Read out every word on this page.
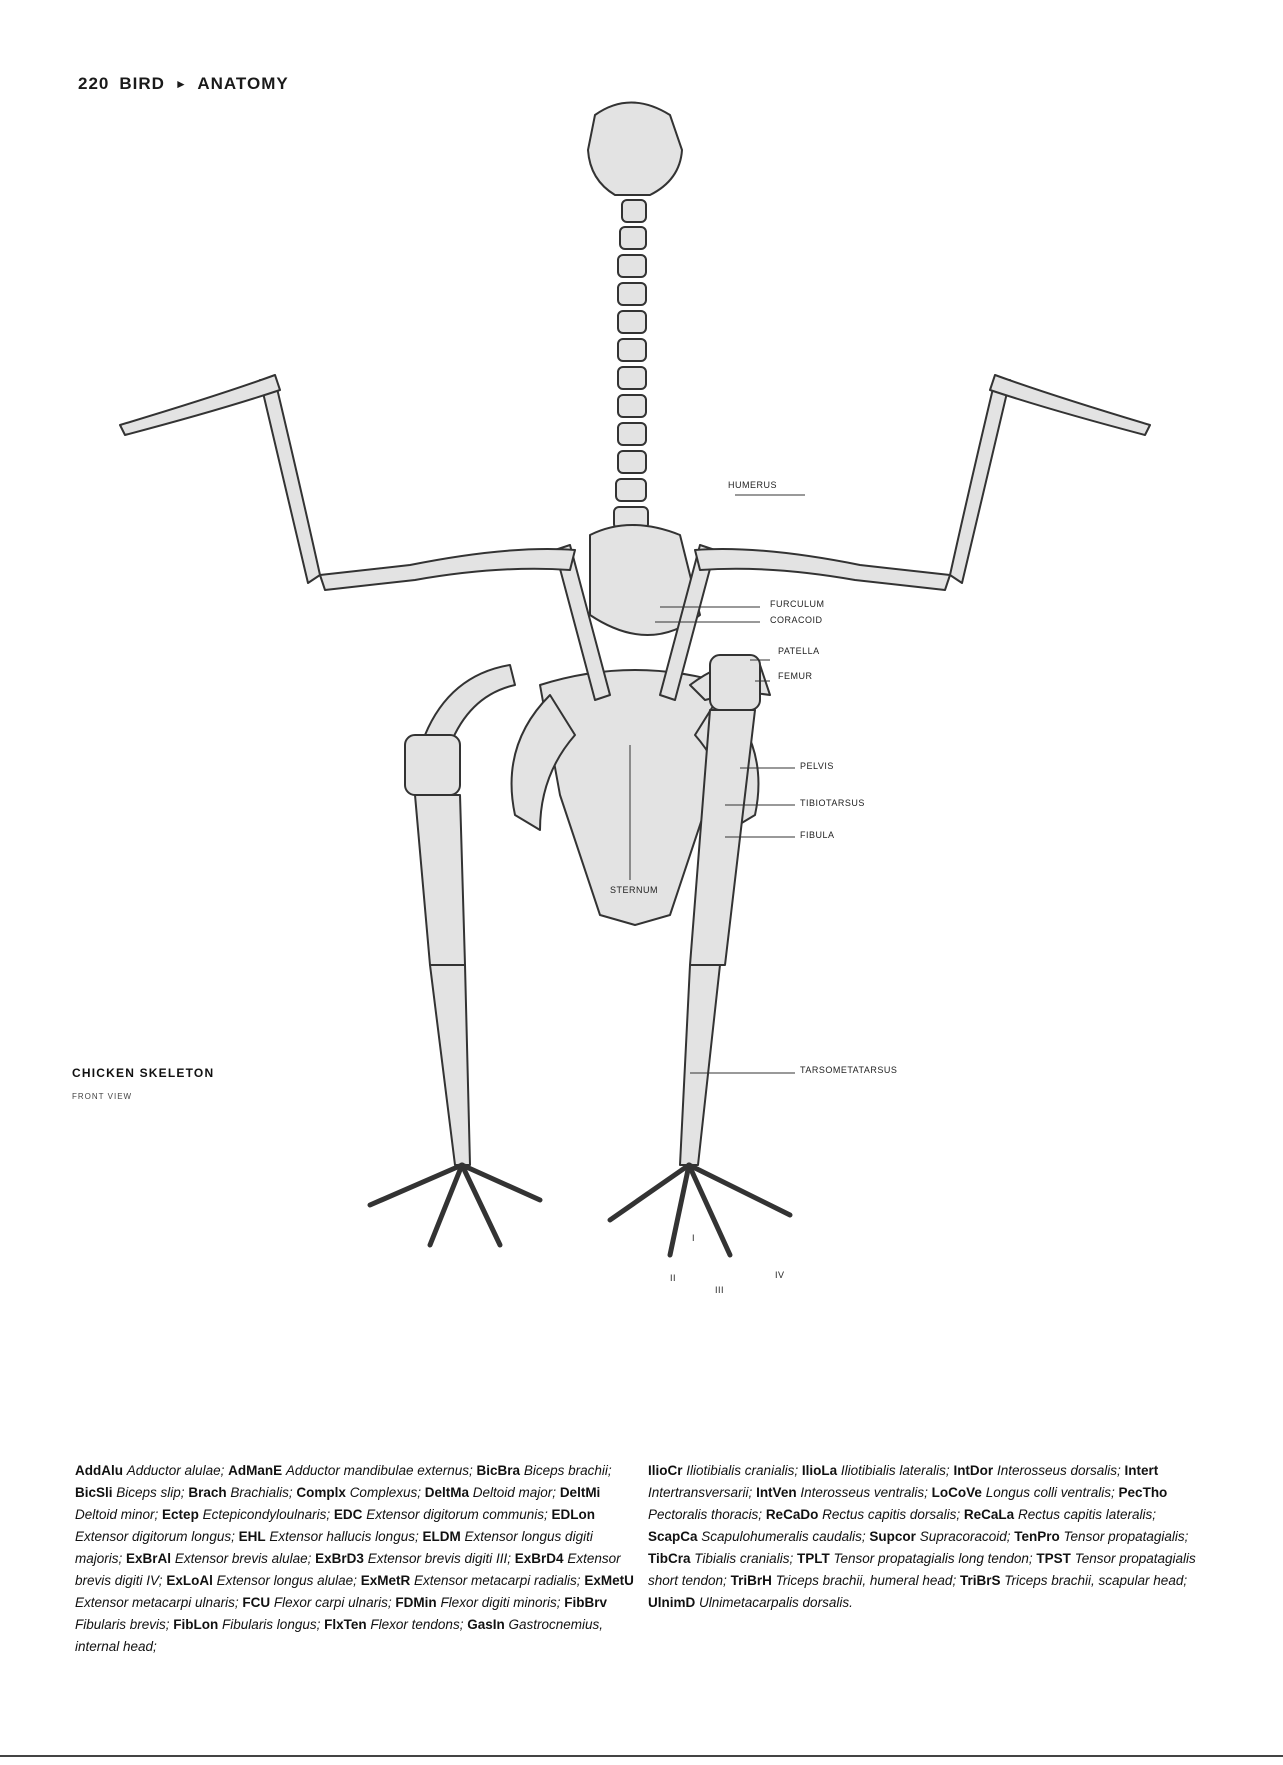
220 BIRD ► ANATOMY
HUMERUS
FURCULUM
CORACOID
PATELLA
FEMUR
PELVIS
TIBIOTARSUS
FIBULA
STERNUM
TARSOMETATARSUS
I
II
III
IV
CHICKEN SKELETON
FRONT VIEW
AddAlu Adductor alulae; AdManE Adductor mandibulae externus; BicBra Biceps brachii; BicSli Biceps slip; Brach Brachialis; Complx Complexus; DeltMa Deltoid major; DeltMi Deltoid minor; Ectep Ectepicondyloulnaris; EDC Extensor digitorum communis; EDLon Extensor digitorum longus; EHL Extensor hallucis longus; ELDM Extensor longus digiti majoris; ExBrAl Extensor brevis alulae; ExBrD3 Extensor brevis digiti III; ExBrD4 Extensor brevis digiti IV; ExLoAl Extensor longus alulae; ExMetR Extensor metacarpi radialis; ExMetU Extensor metacarpi ulnaris; FCU Flexor carpi ulnaris; FDMin Flexor digiti minoris; FibBrv Fibularis brevis; FibLon Fibularis longus; FlxTen Flexor tendons; GasIn Gastrocnemius, internal head;
IlioCr Iliotibialis cranialis; IlioLa Iliotibialis lateralis; IntDor Interosseus dorsalis; Intert Intertransversarii; IntVen Interosseus ventralis; LoCoVe Longus colli ventralis; PecTho Pectoralis thoracis; ReCaDo Rectus capitis dorsalis; ReCaLa Rectus capitis lateralis; ScapCa Scapulohumeralis caudalis; Supcor Supracoracoid; TenPro Tensor propatagialis; TibCra Tibialis cranialis; TPLT Tensor propatagialis long tendon; TPST Tensor propatagialis short tendon; TriBrH Triceps brachii, humeral head; TriBrS Triceps brachii, scapular head; UlnimD Ulnimetacarpalis dorsalis.
